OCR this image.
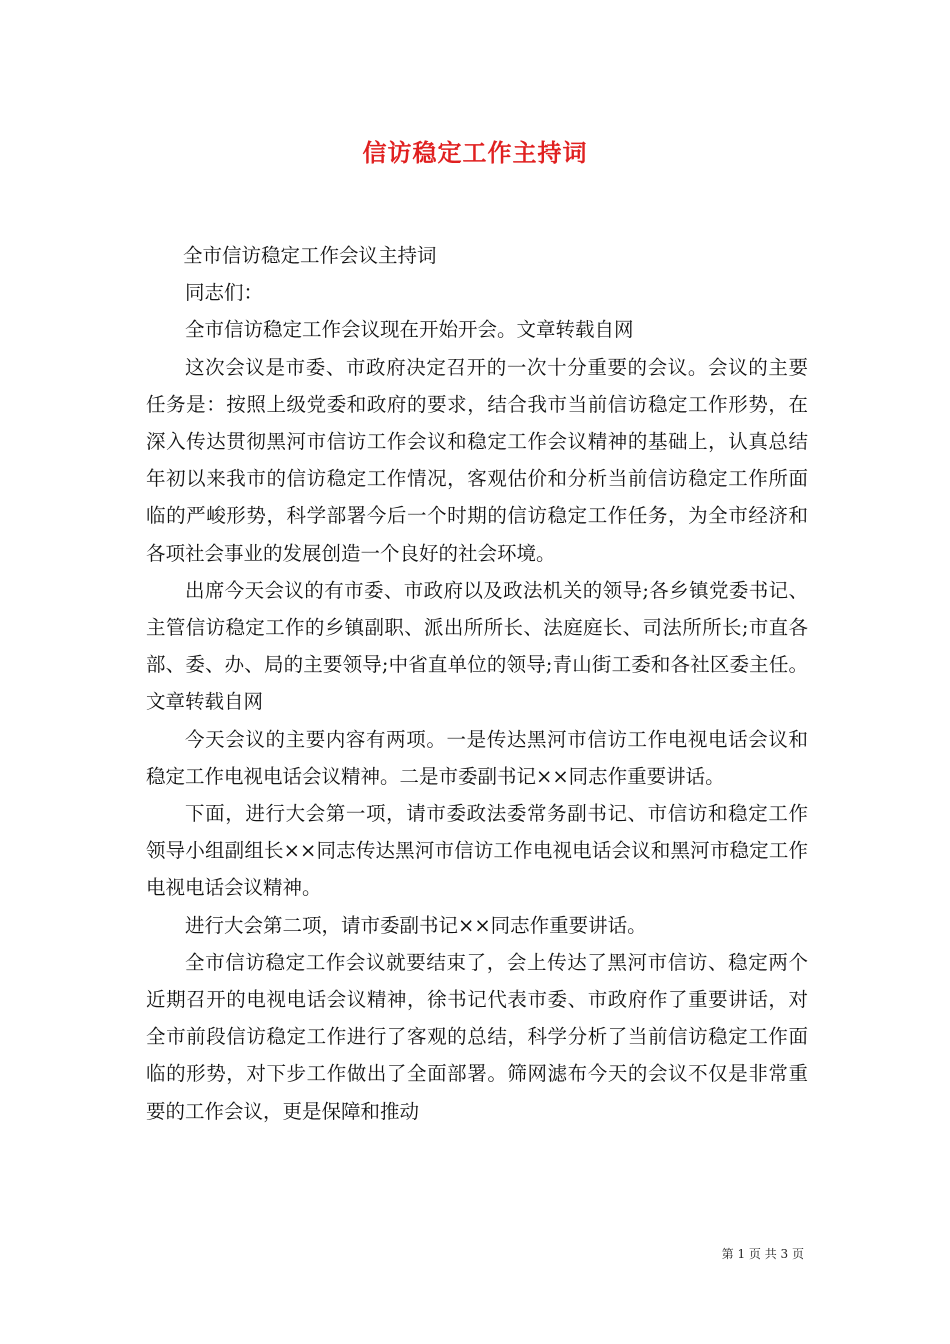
信访稳定工作主持词

全市信访稳定工作会议主持词

同志们：

全市信访稳定工作会议现在开始开会。文章转载自网

这次会议是市委、市政府决定召开的一次十分重要的会议。会议的主要任务是：按照上级党委和政府的要求，结合我市当前信访稳定工作形势，在深入传达贯彻黑河市信访工作会议和稳定工作会议精神的基础上，认真总结年初以来我市的信访稳定工作情况，客观估价和分析当前信访稳定工作所面临的严峻形势，科学部署今后一个时期的信访稳定工作任务，为全市经济和各项社会事业的发展创造一个良好的社会环境。

出席今天会议的有市委、市政府以及政法机关的领导;各乡镇党委书记、主管信访稳定工作的乡镇副职、派出所所长、法庭庭长、司法所所长;市直各部、委、办、局的主要领导;中省直单位的领导;青山街工委和各社区委主任。文章转载自网

今天会议的主要内容有两项。一是传达黑河市信访工作电视电话会议和稳定工作电视电话会议精神。二是市委副书记××同志作重要讲话。

下面，进行大会第一项，请市委政法委常务副书记、市信访和稳定工作领导小组副组长××同志传达黑河市信访工作电视电话会议和黑河市稳定工作电视电话会议精神。

进行大会第二项，请市委副书记××同志作重要讲话。

全市信访稳定工作会议就要结束了，会上传达了黑河市信访、稳定两个近期召开的电视电话会议精神，徐书记代表市委、市政府作了重要讲话，对全市前段信访稳定工作进行了客观的总结，科学分析了当前信访稳定工作面临的形势，对下步工作做出了全面部署。筛网滤布今天的会议不仅是非常重要的工作会议，更是保障和推动

第 1 页 共 3 页
